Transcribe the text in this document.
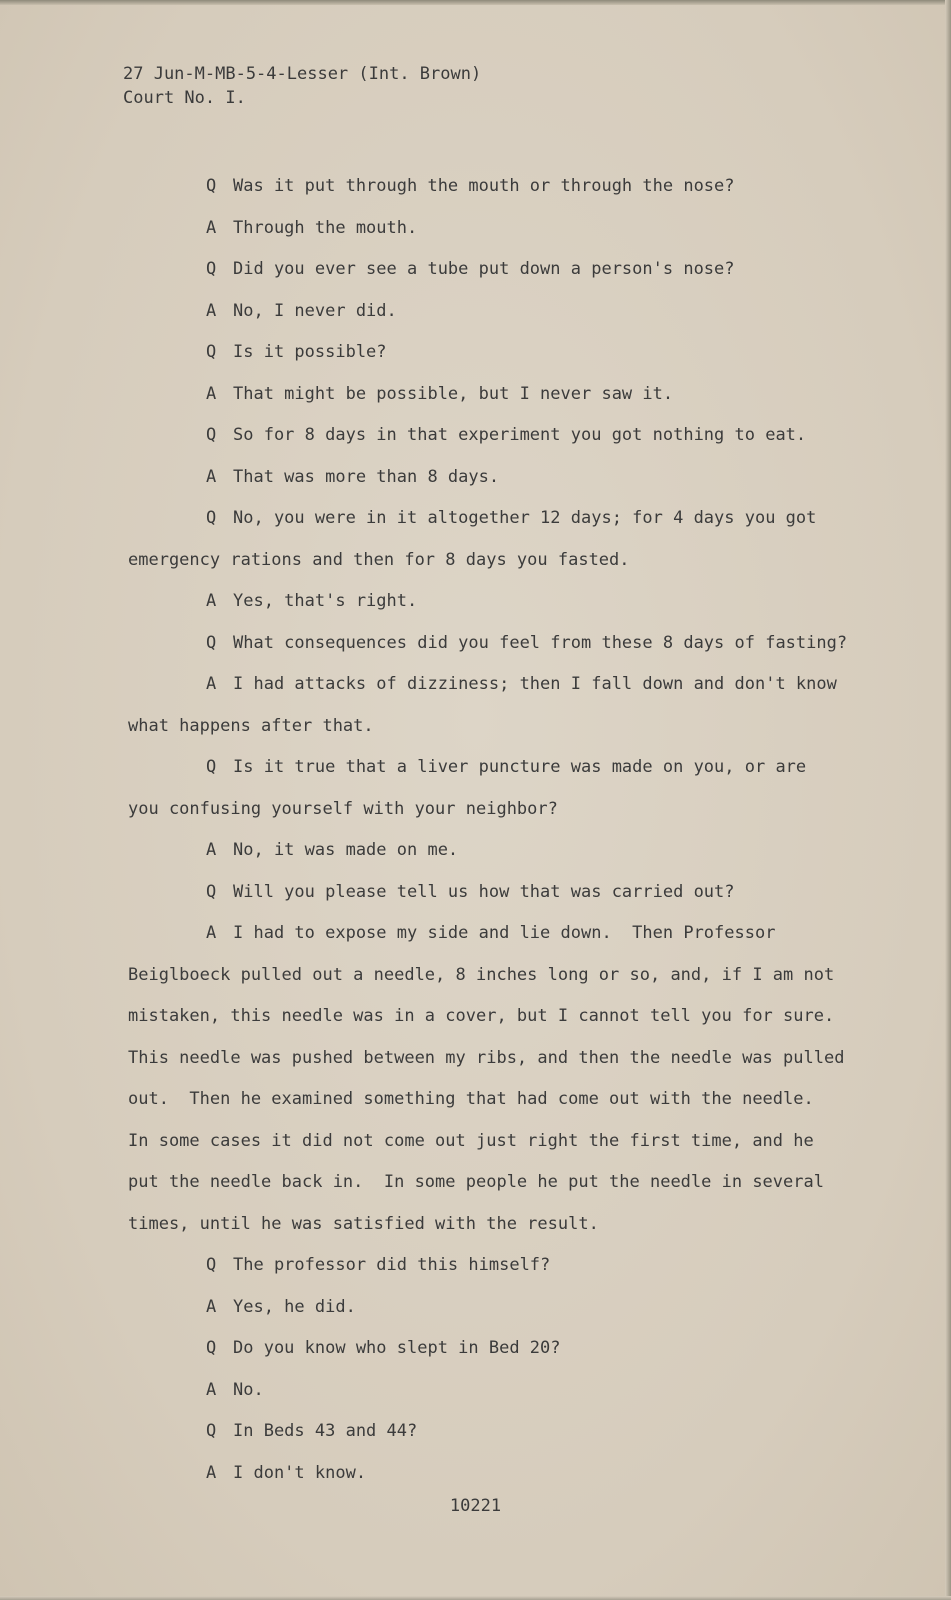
27 Jun-M-MB-5-4-Lesser (Int. Brown)
Court No. I.
Q Was it put through the mouth or through the nose?
A Through the mouth.
Q Did you ever see a tube put down a person's nose?
A No, I never did.
Q Is it possible?
A That might be possible, but I never saw it.
Q So for 8 days in that experiment you got nothing to eat.
A That was more than 8 days.
Q No, you were in it altogether 12 days; for 4 days you got
emergency rations and then for 8 days you fasted.
A Yes, that's right.
Q What consequences did you feel from these 8 days of fasting?
A I had attacks of dizziness; then I fall down and don't know
what happens after that.
Q Is it true that a liver puncture was made on you, or are
you confusing yourself with your neighbor?
A No, it was made on me.
Q Will you please tell us how that was carried out?
A I had to expose my side and lie down.  Then Professor
Beiglboeck pulled out a needle, 8 inches long or so, and, if I am not
mistaken, this needle was in a cover, but I cannot tell you for sure.
This needle was pushed between my ribs, and then the needle was pulled
out.  Then he examined something that had come out with the needle.
In some cases it did not come out just right the first time, and he
put the needle back in.  In some people he put the needle in several
times, until he was satisfied with the result.
Q The professor did this himself?
A Yes, he did.
Q Do you know who slept in Bed 20?
A No.
Q In Beds 43 and 44?
A I don't know.
10221
